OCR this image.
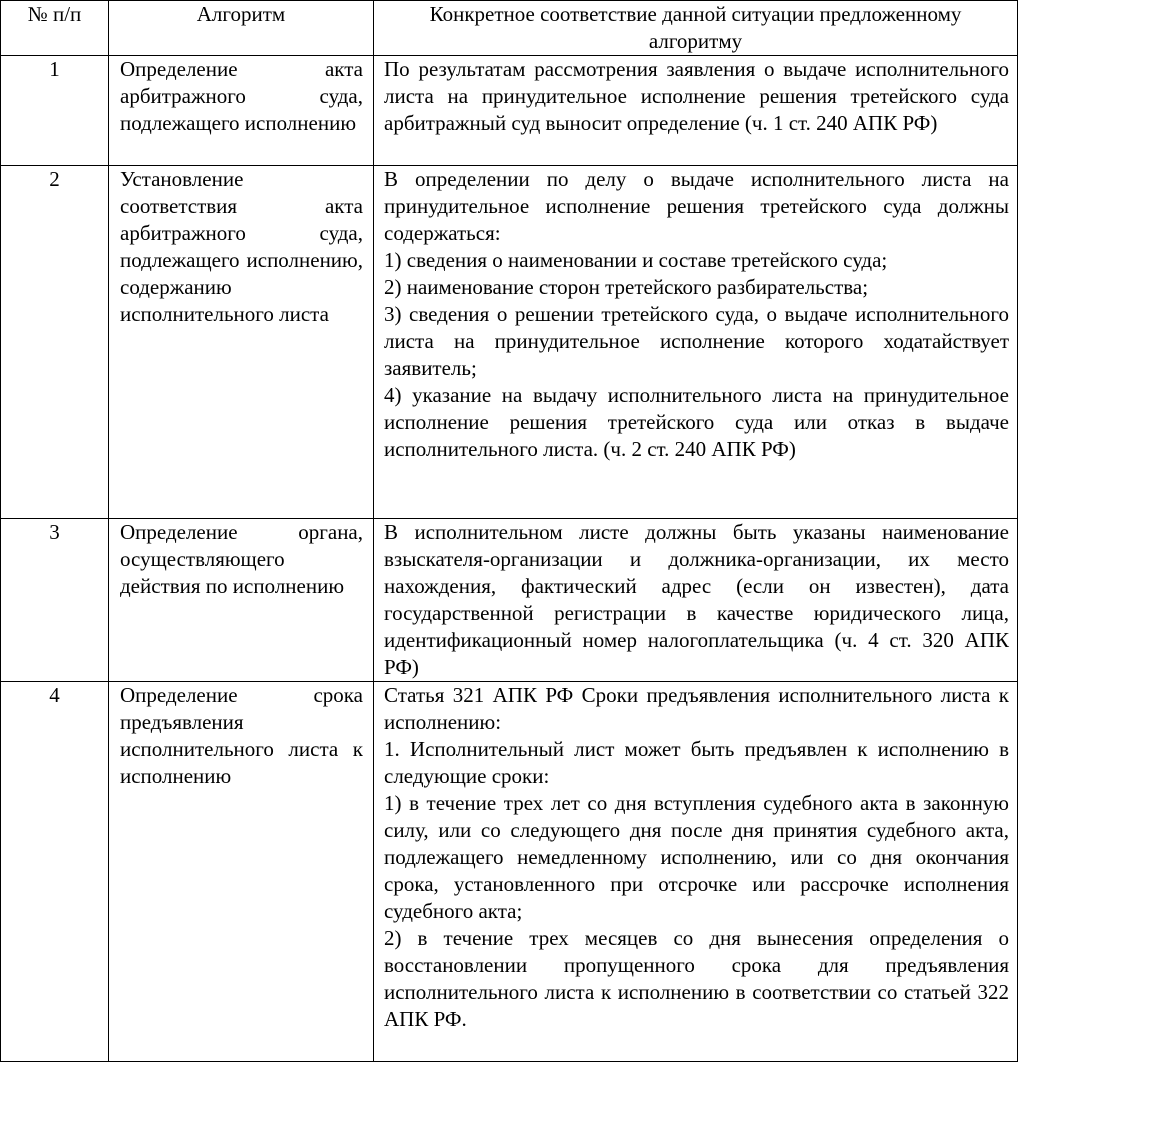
№ п/п	Алгоритм	Конкретное соответствие данной ситуации предложенному алгоритму
1	Определение акта арбитражного суда, подлежащего исполнению	По результатам рассмотрения заявления о выдаче исполнительного листа на принудительное исполнение решения третейского суда арбитражный суд выносит определение (ч. 1 ст. 240 АПК РФ)

2	Установление соответствия акта арбитражного суда, подлежащего исполнению, содержанию исполнительного листа	В определении по делу о выдаче исполнительного листа на принудительное исполнение решения третейского суда должны содержаться:
1) сведения о наименовании и составе третейского суда;
2) наименование сторон третейского разбирательства;
3) сведения о решении третейского суда, о выдаче исполнительного листа на принудительное исполнение которого ходатайствует заявитель;
4) указание на выдачу исполнительного листа на принудительное исполнение решения третейского суда или отказ в выдаче исполнительного листа. (ч. 2 ст. 240 АПК РФ)

3	Определение органа, осуществляющего действия по исполнению	В исполнительном листе должны быть указаны наименование взыскателя-организации и должника-организации, их место нахождения, фактический адрес (если он известен), дата государственной регистрации в качестве юридического лица, идентификационный номер налогоплательщика (ч. 4 ст. 320 АПК РФ)

4	Определение срока предъявления исполнительного листа к исполнению	Статья 321 АПК РФ Сроки предъявления исполнительного листа к исполнению:
1. Исполнительный лист может быть предъявлен к исполнению в следующие сроки:
1) в течение трех лет со дня вступления судебного акта в законную силу, или со следующего дня после дня принятия судебного акта, подлежащего немедленному исполнению, или со дня окончания срока, установленного при отсрочке или рассрочке исполнения судебного акта;
2) в течение трех месяцев со дня вынесения определения о восстановлении пропущенного срока для предъявления исполнительного листа к исполнению в соответствии со статьей 322 АПК РФ.
